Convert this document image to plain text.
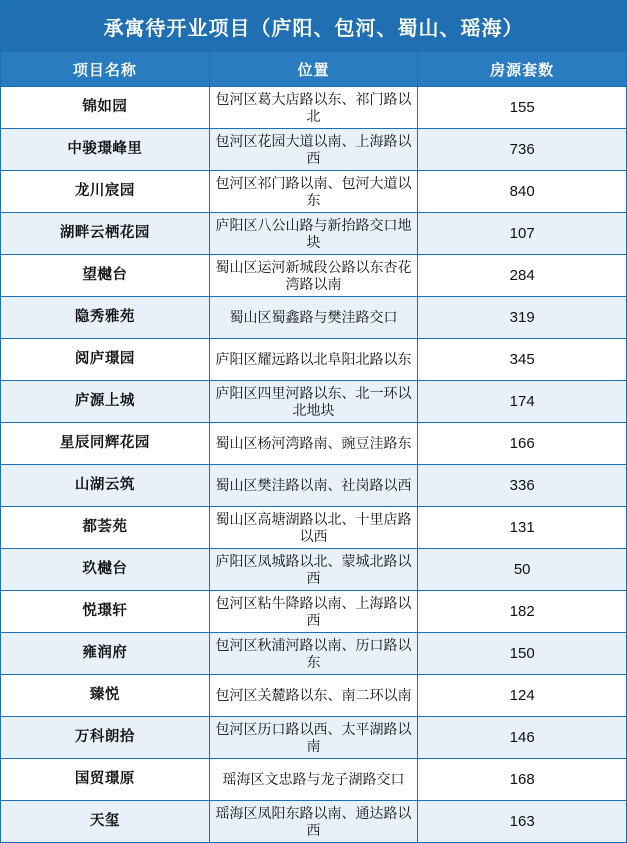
承寓待开业项目（庐阳、包河、蜀山、瑶海）		
项目名称	位置	房源套数
锦如园	包河区葛大店路以东、祁门路以北	155
中骏璟峰里	包河区花园大道以南、上海路以西	736
龙川宸园	包河区祁门路以南、包河大道以东	840
湖畔云栖花园	庐阳区八公山路与新抬路交口地块	107
望樾台	蜀山区运河新城段公路以东杏花湾路以南	284
隐秀雅苑	蜀山区蜀鑫路与樊洼路交口	319
阅庐璟园	庐阳区耀远路以北阜阳北路以东	345
庐源上城	庐阳区四里河路以东、北一环以北地块	174
星辰同辉花园	蜀山区杨河湾路南、豌豆洼路东	166
山湖云筑	蜀山区樊洼路以南、社岗路以西	336
都荟苑	蜀山区高塘湖路以北、十里店路以西	131
玖樾台	庐阳区凤城路以北、蒙城北路以西	50
悦璟轩	包河区粘牛降路以南、上海路以西	182
雍润府	包河区秋浦河路以南、历口路以东	150
臻悦	包河区关麓路以东、南二环以南	124
万科朗拾	包河区历口路以西、太平湖路以南	146
国贸璟原	瑶海区文忠路与龙子湖路交口	168
天玺	瑶海区凤阳东路以南、通达路以西	163
